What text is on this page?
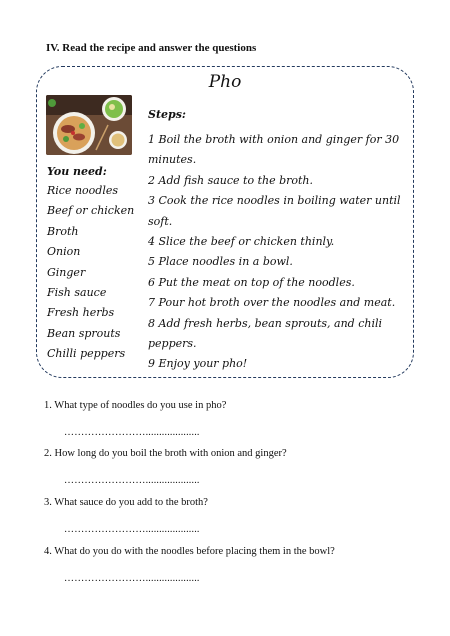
IV. Read the recipe and answer the questions
Pho
Steps:
1 Boil the broth with onion and ginger for 30 minutes.
2 Add fish sauce to the broth.
3 Cook the rice noodles in boiling water until soft.
4 Slice the beef or chicken thinly.
5 Place noodles in a bowl.
6 Put the meat on top of the noodles.
7 Pour hot broth over the noodles and meat.
8 Add fresh herbs, bean sprouts, and chili peppers.
9 Enjoy your pho!
You need:
Rice noodles
Beef or chicken
Broth
Onion
Ginger
Fish sauce
Fresh herbs
Bean sprouts
Chilli peppers
1. What type of noodles do you use in pho?
……………………....................
2. How long do you boil the broth with onion and ginger?
……………………....................
3. What sauce do you add to the broth?
……………………....................
4. What do you do with the noodles before placing them in the bowl?
……………………....................
